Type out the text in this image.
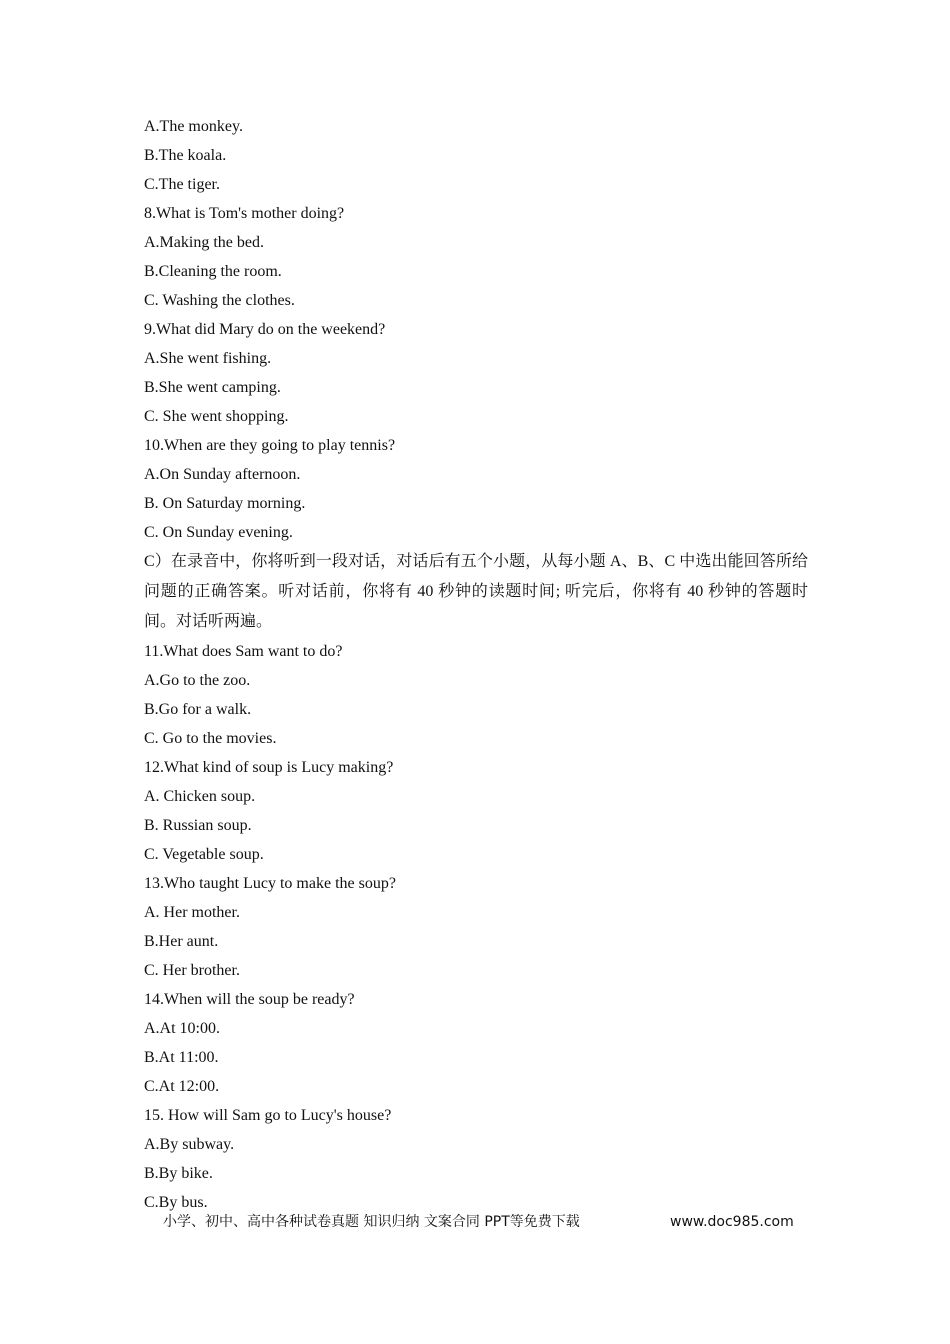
A.The monkey.
B.The koala.
C.The tiger.
8.What is Tom's mother doing?
A.Making the bed.
B.Cleaning the room.
C. Washing the clothes.
9.What did Mary do on the weekend?
A.She went fishing.
B.She went camping.
C. She went shopping.
10.When are they going to play tennis?
A.On Sunday afternoon.
B. On Saturday morning.
C. On Sunday evening.
C）在录音中，你将听到一段对话，对话后有五个小题，从每小题 A、B、C 中选出能回答所给问题的正确答案。听对话前，你将有 40 秒钟的读题时间; 听完后，你将有 40 秒钟的答题时间。对话听两遍。
11.What does Sam want to do?
A.Go to the zoo.
B.Go for a walk.
C. Go to the movies.
12.What kind of soup is Lucy making?
A. Chicken soup.
B. Russian soup.
C. Vegetable soup.
13.Who taught Lucy to make the soup?
A. Her mother.
B.Her aunt.
C. Her brother.
14.When will the soup be ready?
A.At 10:00.
B.At 11:00.
C.At 12:00.
15. How will Sam go to Lucy's house?
A.By subway.
B.By bike.
C.By bus.
小学、初中、高中各种试卷真题 知识归纳 文案合同 PPT等免费下载	www.doc985.com
